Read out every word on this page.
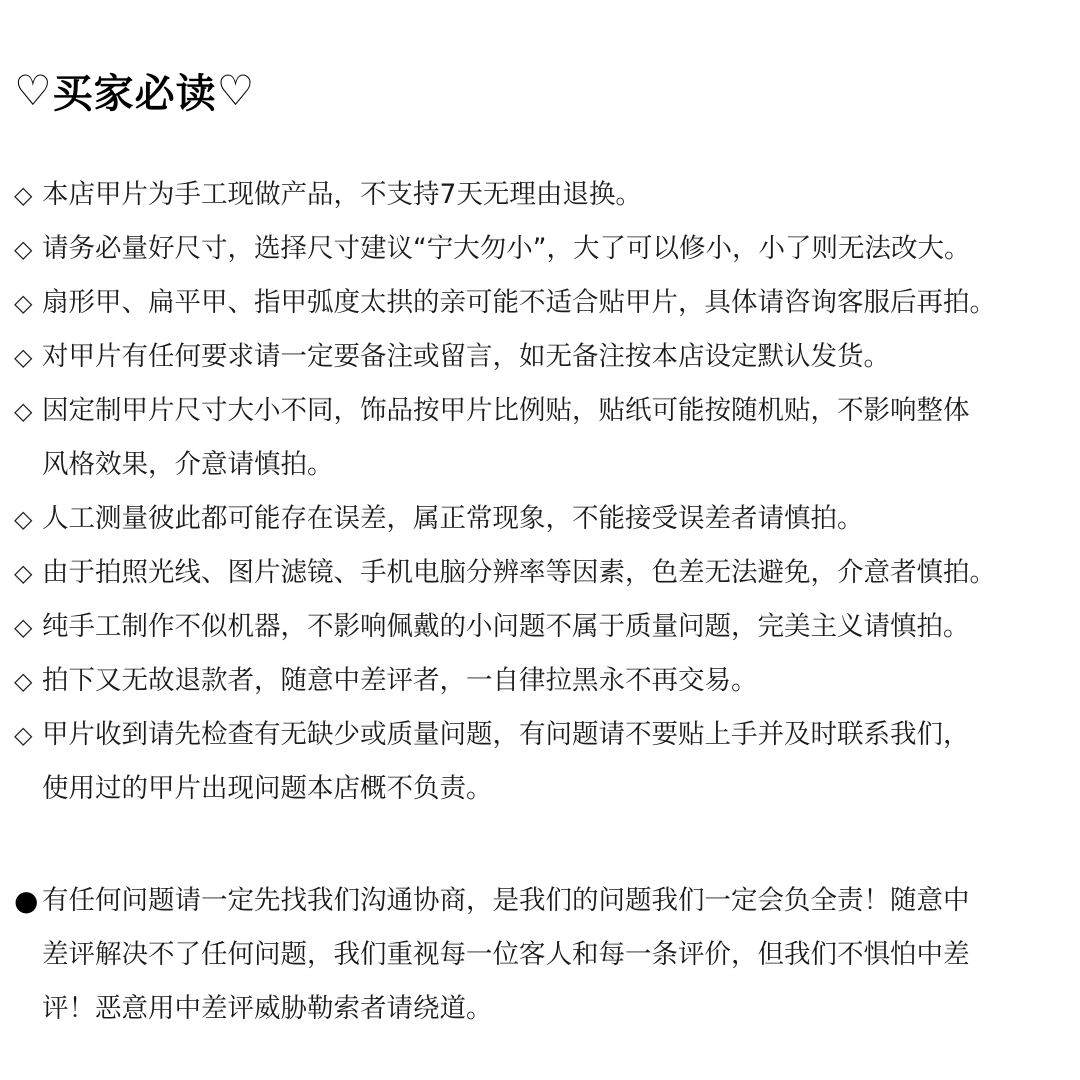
♡ 买家必读 ♡
◇ 本店甲片为手工现做产品，不支持7天无理由退换。
◇ 请务必量好尺寸，选择尺寸建议“宁大勿小”，大了可以修小，小了则无法改大。
◇ 扇形甲、扁平甲、指甲弧度太拱的亲可能不适合贴甲片，具体请咨询客服后再拍。
◇ 对甲片有任何要求请一定要备注或留言，如无备注按本店设定默认发货。
◇ 因定制甲片尺寸大小不同，饰品按甲片比例贴，贴纸可能按随机贴，不影响整体
风格效果，介意请慎拍。
◇ 人工测量彼此都可能存在误差，属正常现象，不能接受误差者请慎拍。
◇ 由于拍照光线、图片滤镜、手机电脑分辨率等因素，色差无法避免，介意者慎拍。
◇ 纯手工制作不似机器，不影响佩戴的小问题不属于质量问题，完美主义请慎拍。
◇ 拍下又无故退款者，随意中差评者，一自律拉黑永不再交易。
◇ 甲片收到请先检查有无缺少或质量问题，有问题请不要贴上手并及时联系我们，
使用过的甲片出现问题本店概不负责。
● 有任何问题请一定先找我们沟通协商，是我们的问题我们一定会负全责！随意中
差评解决不了任何问题，我们重视每一位客人和每一条评价，但我们不惧怕中差
评！恶意用中差评威胁勒索者请绕道。
